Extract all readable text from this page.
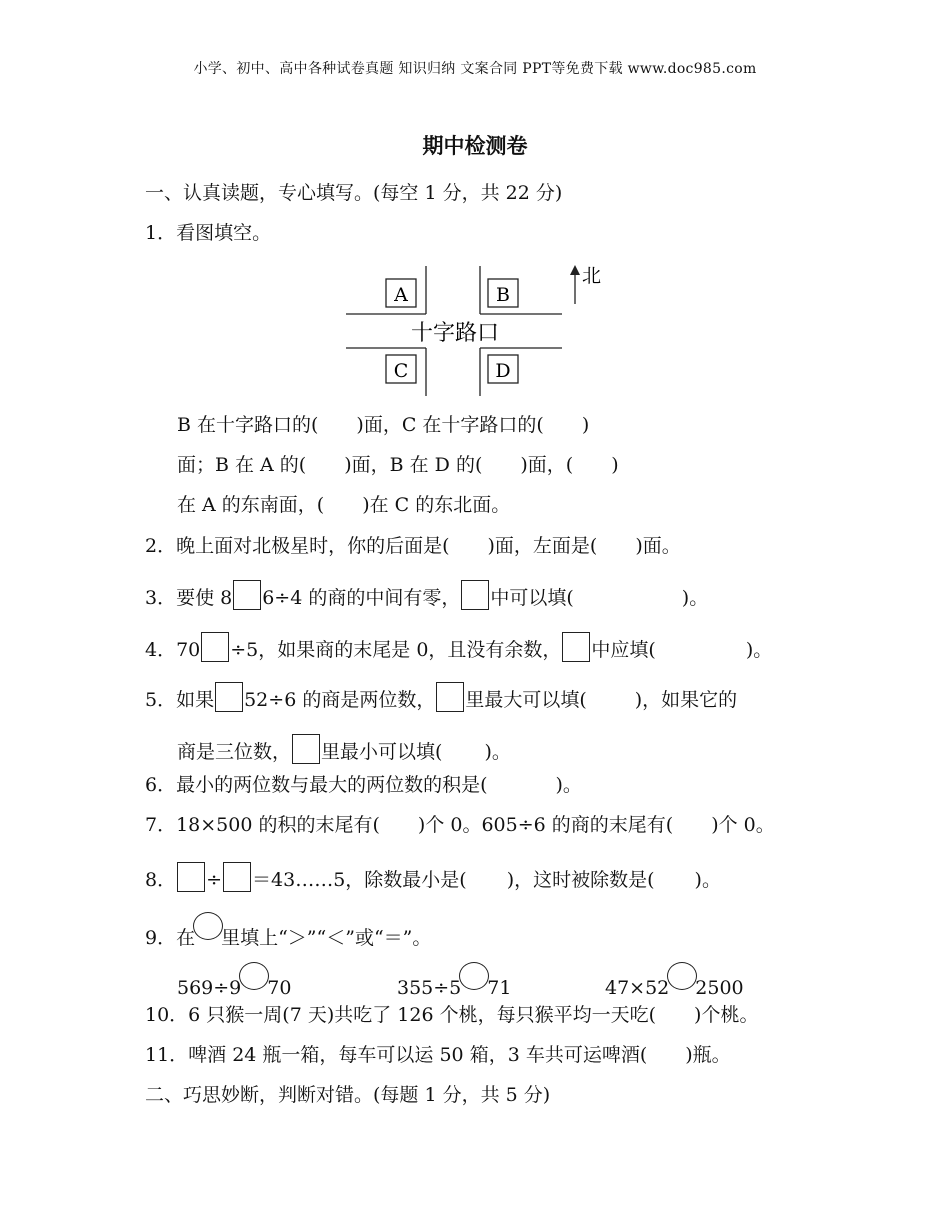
小学、初中、高中各种试卷真题 知识归纳 文案合同 PPT等免费下载 www.doc985.com
期中检测卷
一、认真读题，专心填写。(每空 1 分，共 22 分)
1．看图填空。
A	B
C	D
十字路口
北
B 在十字路口的( )面，C 在十字路口的( )
面；B 在 A 的( )面，B 在 D 的( )面，( )
在 A 的东南面，( )在 C 的东北面。
2．晚上面对北极星时，你的后面是( )面，左面是( )面。
3．要使 8 6÷4 的商的中间有零， 中可以填(	)。
4．70 ÷5，如果商的末尾是 0，且没有余数， 中应填(	)。
5．如果 52÷6 的商是两位数， 里最大可以填(	)，如果它的
商是三位数， 里最小可以填( )。
6．最小的两位数与最大的两位数的积是(	)。
7．18×500 的积的末尾有( )个 0。605÷6 的商的末尾有( )个 0。
8． ÷ ＝43……5，除数最小是( )，这时被除数是( )。
9．在 里填上“＞”“＜”或“＝”。
569÷9 70	355÷5 71	47×52 2500
10．6 只猴一周(7 天)共吃了 126 个桃，每只猴平均一天吃( )个桃。
11．啤酒 24 瓶一箱，每车可以运 50 箱，3 车共可运啤酒( )瓶。
二、巧思妙断，判断对错。(每题 1 分，共 5 分)
